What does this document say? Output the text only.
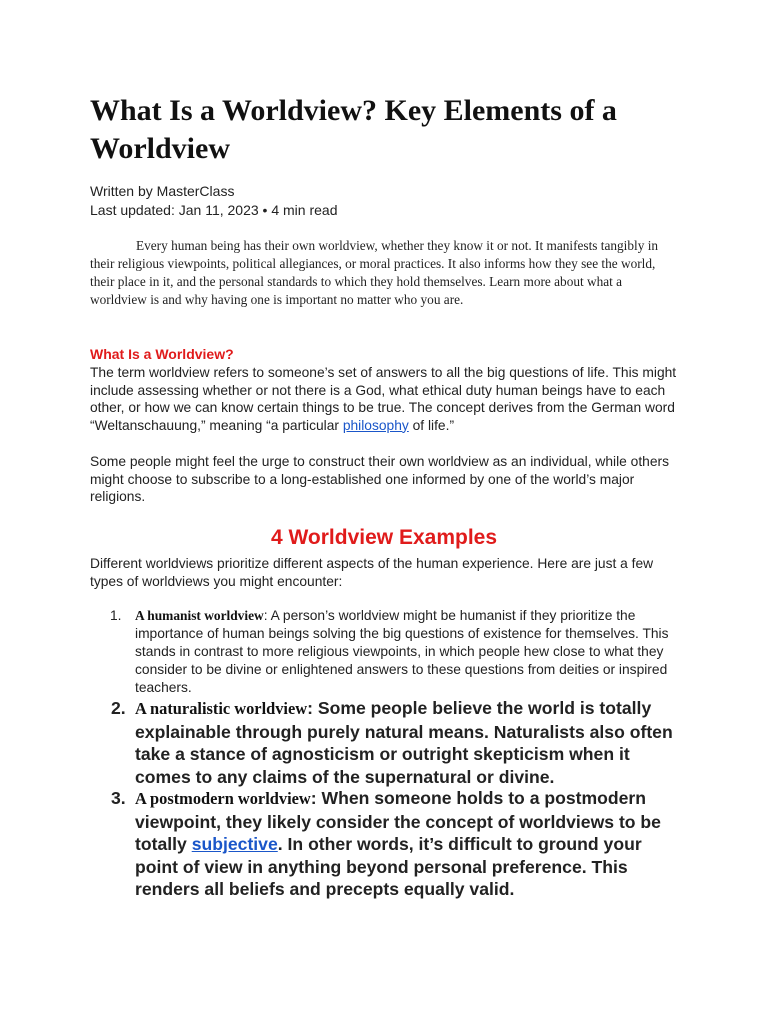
What Is a Worldview? Key Elements of a Worldview
Written by MasterClass
Last updated: Jan 11, 2023 • 4 min read

Every human being has their own worldview, whether they know it or not. It manifests tangibly in their religious viewpoints, political allegiances, or moral practices. It also informs how they see the world, their place in it, and the personal standards to which they hold themselves. Learn more about what a worldview is and why having one is important no matter who you are.

What Is a Worldview?

The term worldview refers to someone’s set of answers to all the big questions of life. This might include assessing whether or not there is a God, what ethical duty human beings have to each other, or how we can know certain things to be true. The concept derives from the German word “Weltanschauung,” meaning “a particular philosophy of life.”

Some people might feel the urge to construct their own worldview as an individual, while others might choose to subscribe to a long-established one informed by one of the world’s major religions.

4 Worldview Examples

Different worldviews prioritize different aspects of the human experience. Here are just a few types of worldviews you might encounter:

1. A humanist worldview: A person’s worldview might be humanist if they prioritize the importance of human beings solving the big questions of existence for themselves. This stands in contrast to more religious viewpoints, in which people hew close to what they consider to be divine or enlightened answers to these questions from deities or inspired teachers.

2. A naturalistic worldview: Some people believe the world is totally explainable through purely natural means. Naturalists also often take a stance of agnosticism or outright skepticism when it comes to any claims of the supernatural or divine.

3. A postmodern worldview: When someone holds to a postmodern viewpoint, they likely consider the concept of worldviews to be totally subjective. In other words, it’s difficult to ground your point of view in anything beyond personal preference. This renders all beliefs and precepts equally valid.
